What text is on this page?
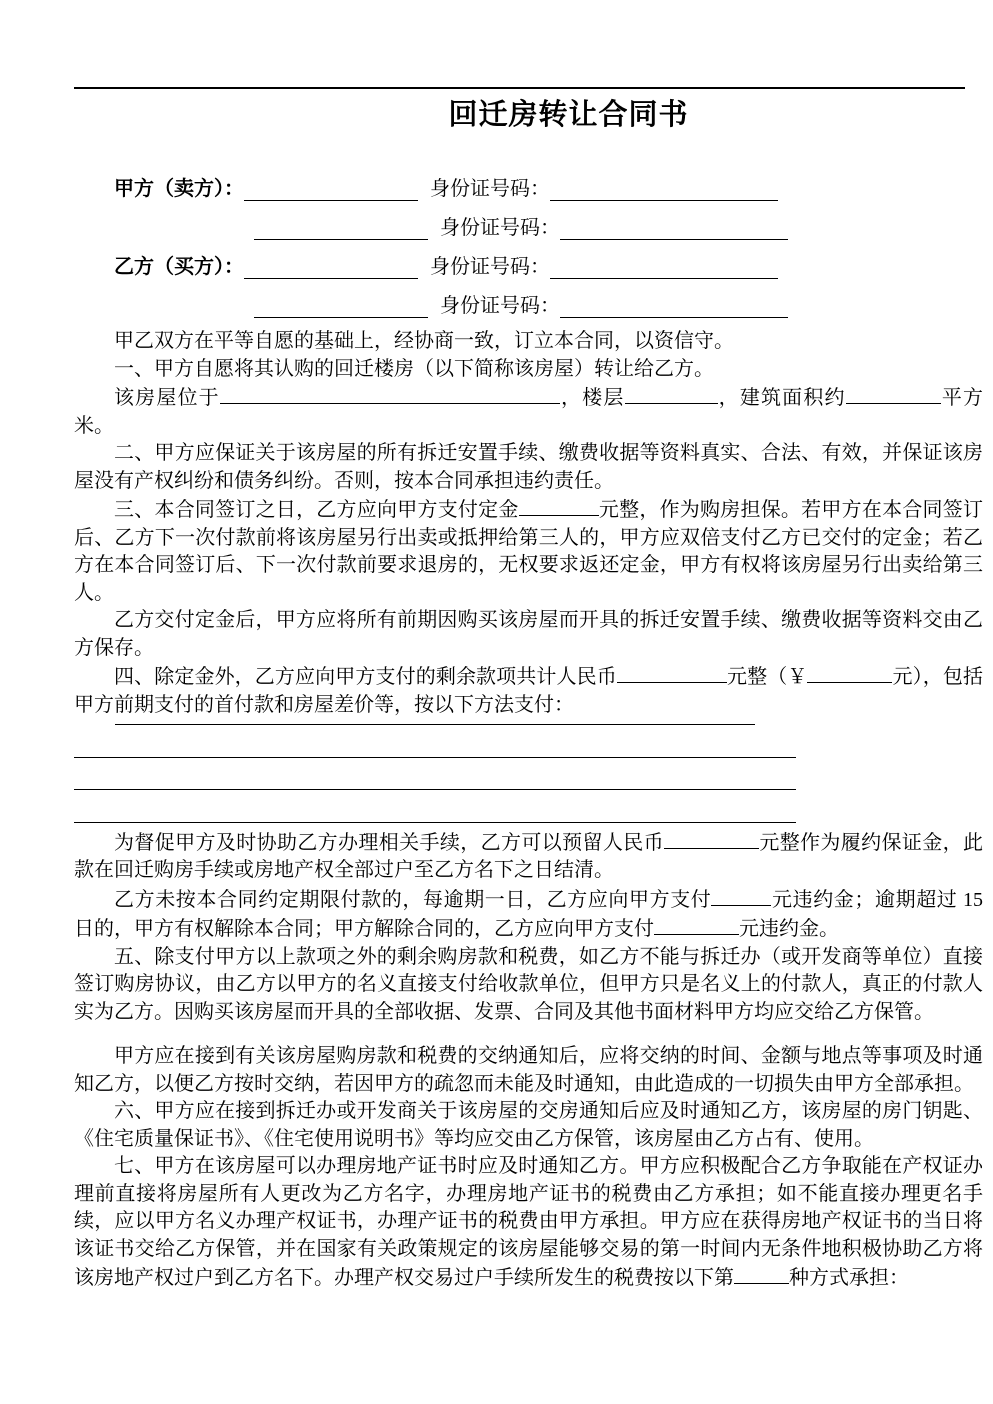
回迁房转让合同书
甲方（卖方）：	身份证号码：
身份证号码：
乙方（买方）：	身份证号码：
身份证号码：

甲乙双方在平等自愿的基础上，经协商一致，订立本合同，以资信守。

一、甲方自愿将其认购的回迁楼房（以下简称该房屋）转让给乙方。

该房屋位于	，楼层	，建筑面积约	平方米。

二、甲方应保证关于该房屋的所有拆迁安置手续、缴费收据等资料真实、合法、有效，并保证该房屋没有产权纠纷和债务纠纷。否则，按本合同承担违约责任。

三、本合同签订之日，乙方应向甲方支付定金	元整，作为购房担保。若甲方在本合同签订后、乙方下一次付款前将该房屋另行出卖或抵押给第三人的，甲方应双倍支付乙方已交付的定金；若乙方在本合同签订后、下一次付款前要求退房的，无权要求返还定金，甲方有权将该房屋另行出卖给第三人。

乙方交付定金后，甲方应将所有前期因购买该房屋而开具的拆迁安置手续、缴费收据等资料交由乙方保存。

四、除定金外，乙方应向甲方支付的剩余款项共计人民币	元整（￥	元），包括甲方前期支付的首付款和房屋差价等，按以下方法支付：

为督促甲方及时协助乙方办理相关手续，乙方可以预留人民币	元整作为履约保证金，此款在回迁购房手续或房地产权全部过户至乙方名下之日结清。

乙方未按本合同约定期限付款的，每逾期一日，乙方应向甲方支付	元违约金；逾期超过 15 日的，甲方有权解除本合同；甲方解除合同的，乙方应向甲方支付	元违约金。

五、除支付甲方以上款项之外的剩余购房款和税费，如乙方不能与拆迁办（或开发商等单位）直接签订购房协议，由乙方以甲方的名义直接支付给收款单位，但甲方只是名义上的付款人，真正的付款人实为乙方。因购买该房屋而开具的全部收据、发票、合同及其他书面材料甲方均应交给乙方保管。

甲方应在接到有关该房屋购房款和税费的交纳通知后，应将交纳的时间、金额与地点等事项及时通知乙方，以便乙方按时交纳，若因甲方的疏忽而未能及时通知，由此造成的一切损失由甲方全部承担。

六、甲方应在接到拆迁办或开发商关于该房屋的交房通知后应及时通知乙方，该房屋的房门钥匙、《住宅质量保证书》、《住宅使用说明书》等均应交由乙方保管，该房屋由乙方占有、使用。

七、甲方在该房屋可以办理房地产证书时应及时通知乙方。甲方应积极配合乙方争取能在产权证办理前直接将房屋所有人更改为乙方名字，办理房地产证书的税费由乙方承担；如不能直接办理更名手续，应以甲方名义办理产权证书，办理产证书的税费由甲方承担。甲方应在获得房地产权证书的当日将该证书交给乙方保管，并在国家有关政策规定的该房屋能够交易的第一时间内无条件地积极协助乙方将该房地产权过户到乙方名下。办理产权交易过户手续所发生的税费按以下第	种方式承担：
